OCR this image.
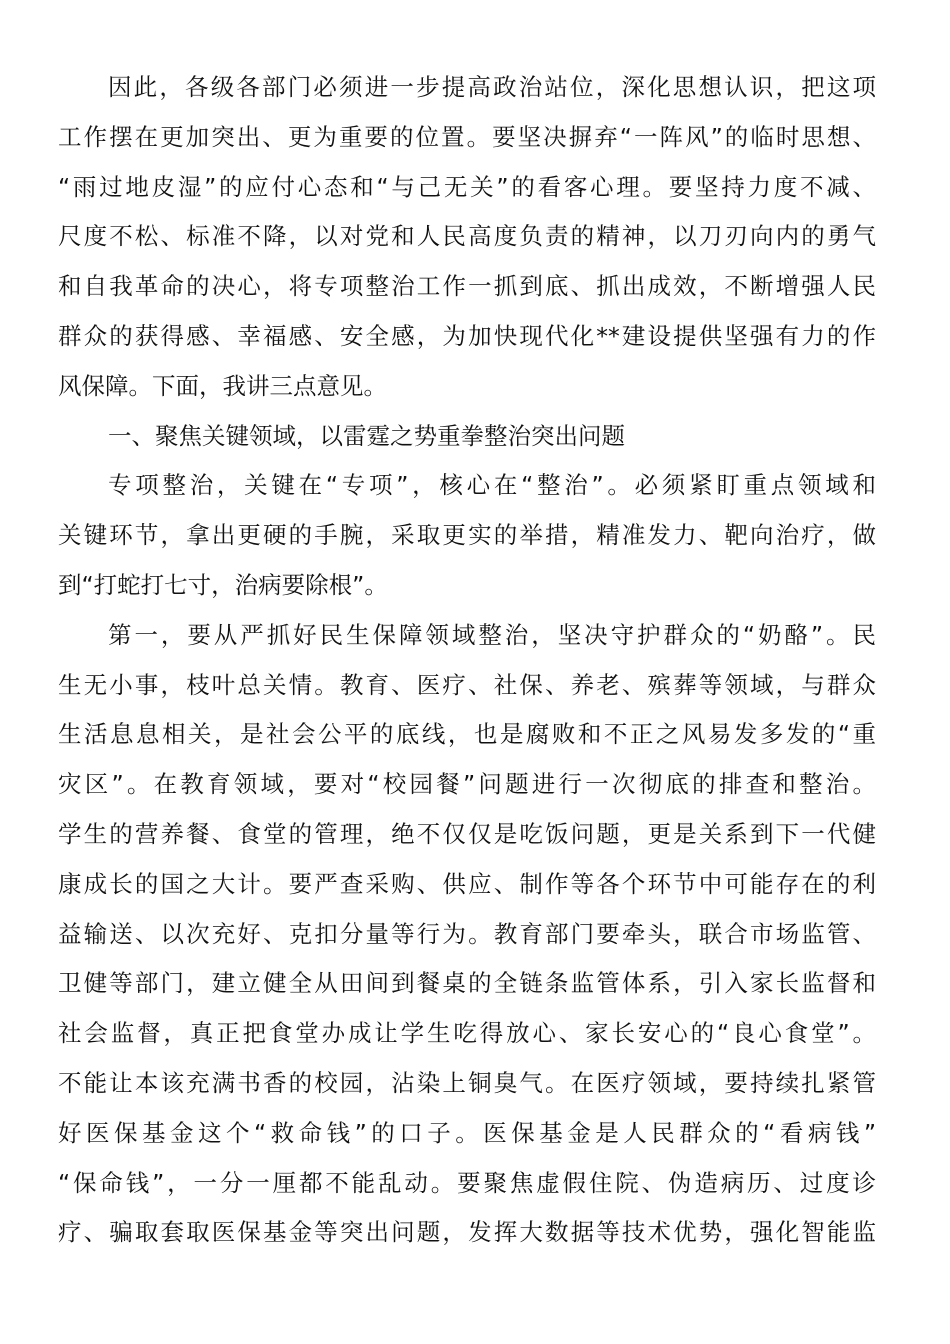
因此，各级各部门必须进一步提高政治站位，深化思想认识，把这项
工作摆在更加突出、更为重要的位置。要坚决摒弃“一阵风”的临时思想、
“雨过地皮湿”的应付心态和“与己无关”的看客心理。要坚持力度不减、
尺度不松、标准不降，以对党和人民高度负责的精神，以刀刃向内的勇气
和自我革命的决心，将专项整治工作一抓到底、抓出成效，不断增强人民
群众的获得感、幸福感、安全感，为加快现代化**建设提供坚强有力的作
风保障。下面，我讲三点意见。
一、聚焦关键领域，以雷霆之势重拳整治突出问题
专项整治，关键在“专项”，核心在“整治”。必须紧盯重点领域和
关键环节，拿出更硬的手腕，采取更实的举措，精准发力、靶向治疗，做
到“打蛇打七寸，治病要除根”。
第一，要从严抓好民生保障领域整治，坚决守护群众的“奶酪”。民
生无小事，枝叶总关情。教育、医疗、社保、养老、殡葬等领域，与群众
生活息息相关，是社会公平的底线，也是腐败和不正之风易发多发的“重
灾区”。在教育领域，要对“校园餐”问题进行一次彻底的排查和整治。
学生的营养餐、食堂的管理，绝不仅仅是吃饭问题，更是关系到下一代健
康成长的国之大计。要严查采购、供应、制作等各个环节中可能存在的利
益输送、以次充好、克扣分量等行为。教育部门要牵头，联合市场监管、
卫健等部门，建立健全从田间到餐桌的全链条监管体系，引入家长监督和
社会监督，真正把食堂办成让学生吃得放心、家长安心的“良心食堂”。
不能让本该充满书香的校园，沾染上铜臭气。在医疗领域，要持续扎紧管
好医保基金这个“救命钱”的口子。医保基金是人民群众的“看病钱”
“保命钱”，一分一厘都不能乱动。要聚焦虚假住院、伪造病历、过度诊
疗、骗取套取医保基金等突出问题，发挥大数据等技术优势，强化智能监
